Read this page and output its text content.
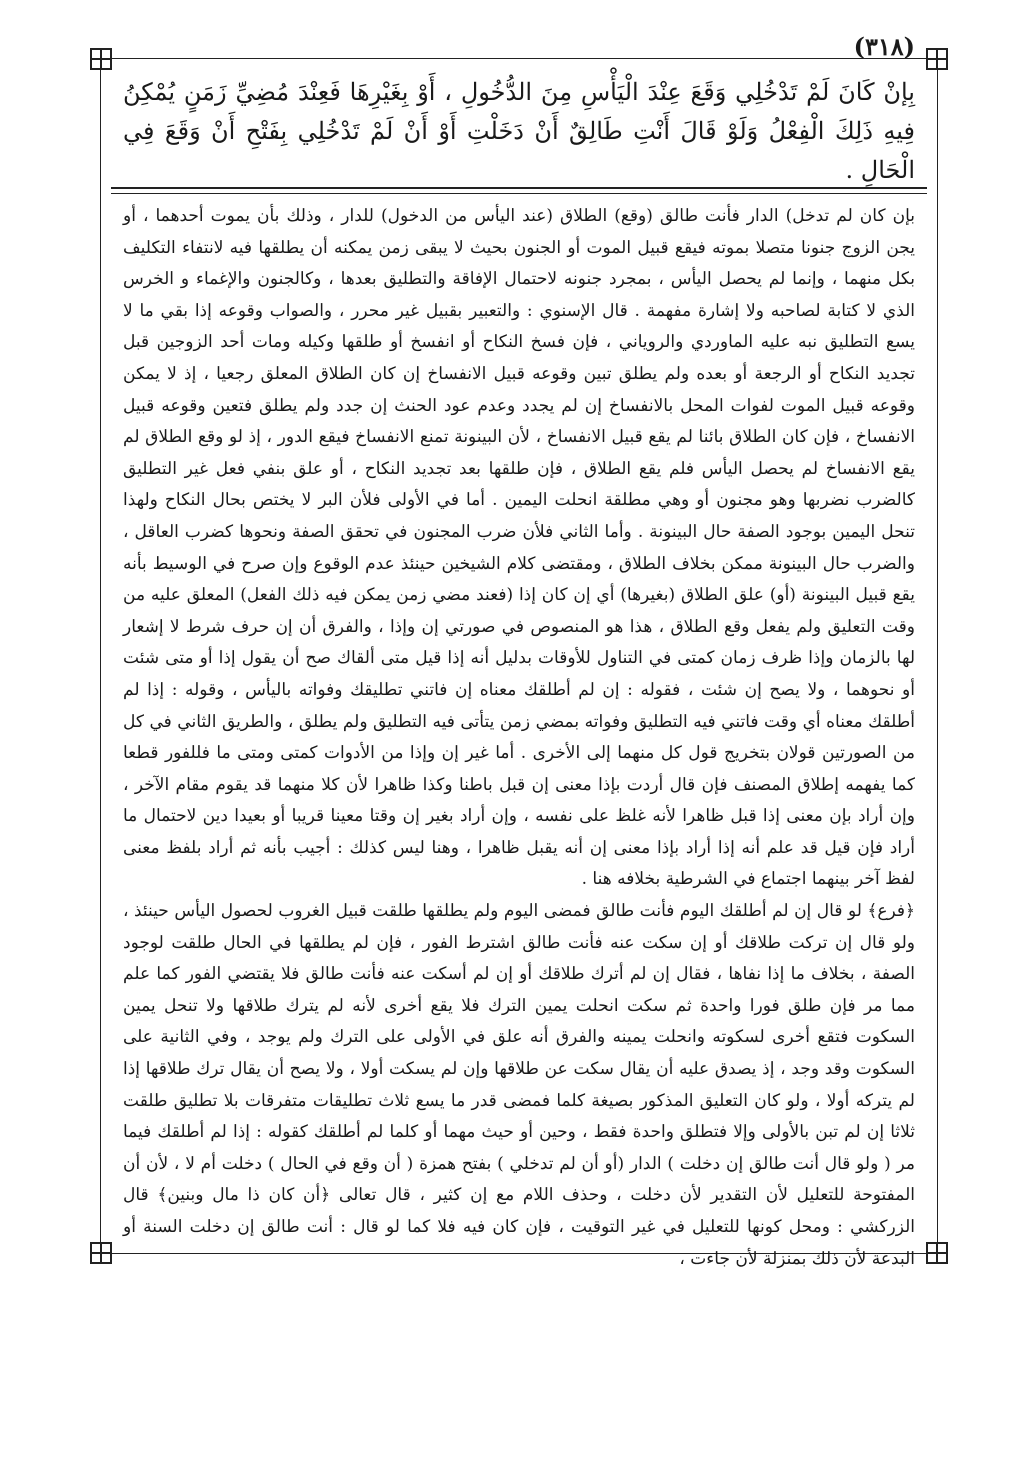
(٣١٨)

بِإنْ كَانَ لَمْ تَدْخُلِي وَقَعَ عِنْدَ الْيَأْسِ مِنَ الدُّخُولِ ، أَوْ بِغَيْرِهَا فَعِنْدَ مُضِيِّ زَمَنٍ يُمْكِنُ فِيهِ ذَلِكَ الْفِعْلُ وَلَوْ قَالَ أَنْتِ طَالِقٌ أَنْ دَخَلْتِ أَوْ أَنْ لَمْ تَدْخُلِي بِفَتْحِ أَنْ وَقَعَ فِي الْحَالِ .

بإن كان لم تدخل) الدار فأنت طالق (وقع) الطلاق (عند اليأس من الدخول) للدار ، وذلك بأن يموت أحدهما ، أو يجن الزوج جنونا متصلا بموته فيقع قبيل الموت أو الجنون بحيث لا يبقى زمن يمكنه أن يطلقها فيه لانتفاء التكليف بكل منهما ، وإنما لم يحصل اليأس ، بمجرد جنونه لاحتمال الإفاقة والتطليق بعدها ، وكالجنون والإغماء و الخرس الذي لا كتابة لصاحبه ولا إشارة مفهمة . قال الإسنوي : والتعبير بقبيل غير محرر ، والصواب وقوعه إذا بقي ما لا يسع التطليق نبه عليه الماوردي والروياني ، فإن فسخ النكاح أو انفسخ أو طلقها وكيله ومات أحد الزوجين قبل تجديد النكاح أو الرجعة أو بعده ولم يطلق تبين وقوعه قبيل الانفساخ إن كان الطلاق المعلق رجعيا ، إذ لا يمكن وقوعه قبيل الموت لفوات المحل بالانفساخ إن لم يجدد وعدم عود الحنث إن جدد ولم يطلق فتعين وقوعه قبيل الانفساخ ، فإن كان الطلاق بائنا لم يقع قبيل الانفساخ ، لأن البينونة تمنع الانفساخ فيقع الدور ، إذ لو وقع الطلاق لم يقع الانفساخ لم يحصل اليأس فلم يقع الطلاق ، فإن طلقها بعد تجديد النكاح ، أو علق بنفي فعل غير التطليق كالضرب نضربها وهو مجنون أو وهي مطلقة انحلت اليمين . أما في الأولى فلأن البر لا يختص بحال النكاح ولهذا تنحل اليمين بوجود الصفة حال البينونة . وأما الثاني فلأن ضرب المجنون في تحقق الصفة ونحوها كضرب العاقل ، والضرب حال البينونة ممكن بخلاف الطلاق ، ومقتضى كلام الشيخين حينئذ عدم الوقوع وإن صرح في الوسيط بأنه يقع قبيل البينونة (أو) علق الطلاق (بغيرها) أي إن كان إذا (فعند مضي زمن يمكن فيه ذلك الفعل) المعلق عليه من وقت التعليق ولم يفعل وقع الطلاق ، هذا هو المنصوص في صورتي إن وإذا ، والفرق أن إن حرف شرط لا إشعار لها بالزمان وإذا ظرف زمان كمتى في التناول للأوقات بدليل أنه إذا قيل متى ألقاك صح أن يقول إذا أو متى شئت أو نحوهما ، ولا يصح إن شئت ، فقوله : إن لم أطلقك معناه إن فاتني تطليقك وفواته باليأس ، وقوله : إذا لم أطلقك معناه أي وقت فاتني فيه التطليق وفواته بمضي زمن يتأتى فيه التطليق ولم يطلق ، والطريق الثاني في كل من الصورتين قولان بتخريج قول كل منهما إلى الأخرى . أما غير إن وإذا من الأدوات كمتى ومتى ما فللفور قطعا كما يفهمه إطلاق المصنف فإن قال أردت بإذا معنى إن قبل باطنا وكذا ظاهرا لأن كلا منهما قد يقوم مقام الآخر ، وإن أراد بإن معنى إذا قبل ظاهرا لأنه غلظ على نفسه ، وإن أراد بغير إن وقتا معينا قريبا أو بعيدا دين لاحتمال ما أراد فإن قيل قد علم أنه إذا أراد بإذا معنى إن أنه يقبل ظاهرا ، وهنا ليس كذلك : أجيب بأنه ثم أراد بلفظ معنى لفظ آخر بينهما اجتماع في الشرطية بخلافه هنا .

﴿فرع﴾ لو قال إن لم أطلقك اليوم فأنت طالق فمضى اليوم ولم يطلقها طلقت قبيل الغروب لحصول اليأس حينئذ ، ولو قال إن تركت طلاقك أو إن سكت عنه فأنت طالق اشترط الفور ، فإن لم يطلقها في الحال طلقت لوجود الصفة ، بخلاف ما إذا نفاها ، فقال إن لم أترك طلاقك أو إن لم أسكت عنه فأنت طالق فلا يقتضي الفور كما علم مما مر فإن طلق فورا واحدة ثم سكت انحلت يمين الترك فلا يقع أخرى لأنه لم يترك طلاقها ولا تنحل يمين السكوت فتقع أخرى لسكوته وانحلت يمينه والفرق أنه علق في الأولى على الترك ولم يوجد ، وفي الثانية على السكوت وقد وجد ، إذ يصدق عليه أن يقال سكت عن طلاقها وإن لم يسكت أولا ، ولا يصح أن يقال ترك طلاقها إذا لم يتركه أولا ، ولو كان التعليق المذكور بصيغة كلما فمضى قدر ما يسع ثلاث تطليقات متفرقات بلا تطليق طلقت ثلاثا إن لم تبن بالأولى وإلا فتطلق واحدة فقط ، وحين أو حيث مهما أو كلما لم أطلقك كقوله : إذا لم أطلقك فيما مر ( ولو قال أنت طالق إن دخلت ) الدار (أو أن لم تدخلي ) بفتح همزة ( أن وقع في الحال ) دخلت أم لا ، لأن أن المفتوحة للتعليل لأن التقدير لأن دخلت ، وحذف اللام مع إن كثير ، قال تعالى ﴿أن كان ذا مال وبنين﴾ قال الزركشي : ومحل كونها للتعليل في غير التوقيت ، فإن كان فيه فلا كما لو قال : أنت طالق إن دخلت السنة أو البدعة لأن ذلك بمنزلة لأن جاءت ،
